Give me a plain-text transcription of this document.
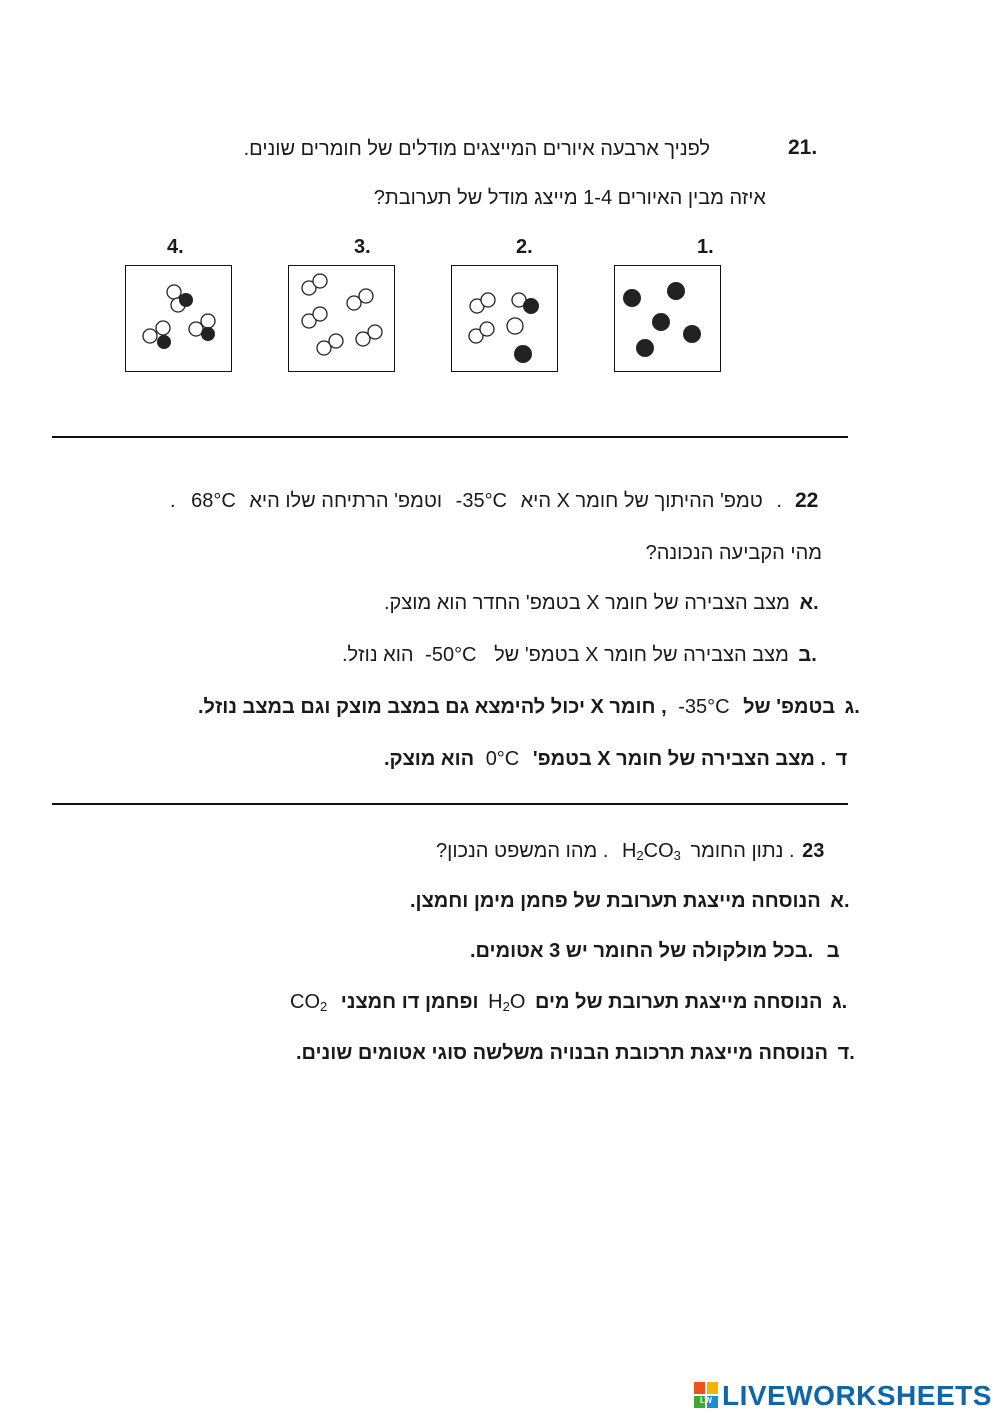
21.
לפניך ארבעה איורים המייצגים מודלים של חומרים שונים.
איזה מבין האיורים 1-4 מייצג מודל של תערובת?
1.
2.
3.
4.
22
. 68°C וטמפ' הרתיחה שלו היא -35°C טמפ' ההיתוך של חומר X היא .
מהי הקביעה הנכונה?
מצב הצבירה של חומר X בטמפ' החדר הוא מוצק. א.
הוא נוזל. -50°C מצב הצבירה של חומר X בטמפ' של ב.
, חומר X יכול להימצא גם במצב מוצק וגם במצב נוזל. -35°C בטמפ' של ג.
הוא מוצק. 0°C . מצב הצבירה של חומר X בטמפ' ד
. מהו המשפט הנכון? $H_2CO_3$ . נתון החומר 23
הנוסחה מייצגת תערובת של פחמן מימן וחמצן. א.
.בכל מולקולה של החומר יש 3 אטומים. ב
$CO_2$ ופחמן דו חמצני $H_2O$ הנוסחה מייצגת תערובת של מים ג.
הנוסחה מייצגת תרכובת הבנויה משלשה סוגי אטומים שונים. ד.
LW LIVEWORKSHEETS
